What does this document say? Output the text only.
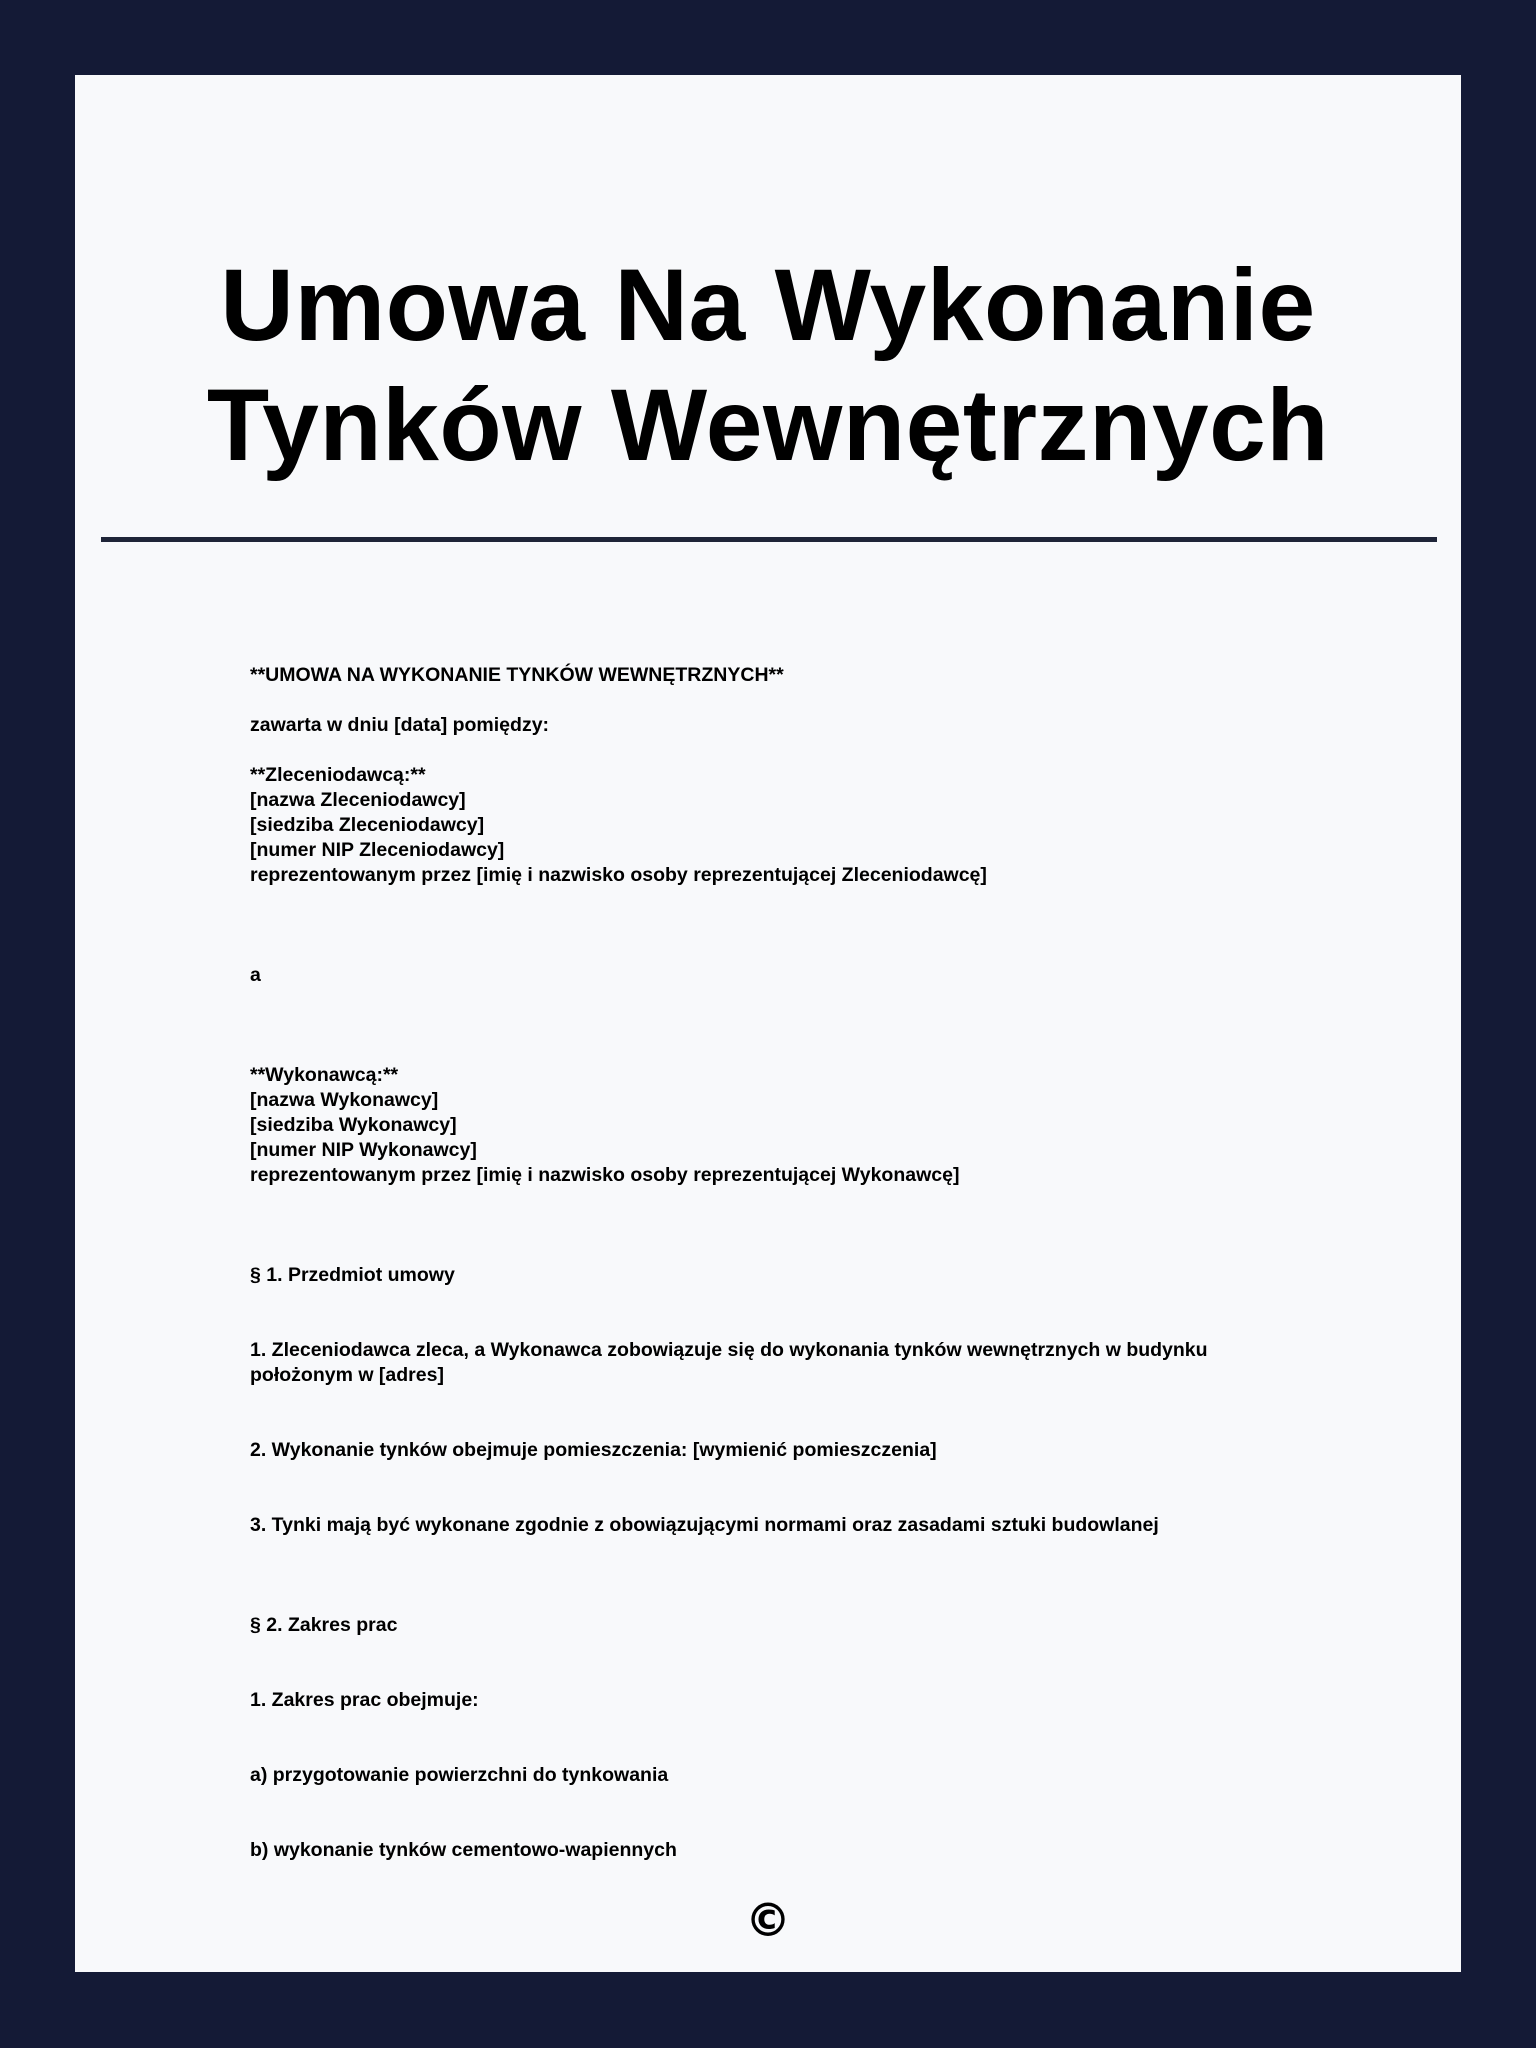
Umowa Na Wykonanie
Tynków Wewnętrznych

**UMOWA NA WYKONANIE TYNKÓW WEWNĘTRZNYCH**

zawarta w dniu [data] pomiędzy:

**Zleceniodawcą:**

[nazwa Zleceniodawcy]

[siedziba Zleceniodawcy]

[numer NIP Zleceniodawcy]

reprezentowanym przez [imię i nazwisko osoby reprezentującej Zleceniodawcę]

a

**Wykonawcą:**

[nazwa Wykonawcy]

[siedziba Wykonawcy]

[numer NIP Wykonawcy]

reprezentowanym przez [imię i nazwisko osoby reprezentującej Wykonawcę]

§ 1. Przedmiot umowy

1. Zleceniodawca zleca, a Wykonawca zobowiązuje się do wykonania tynków wewnętrznych w budynku

położonym w [adres]

2. Wykonanie tynków obejmuje pomieszczenia: [wymienić pomieszczenia]

3. Tynki mają być wykonane zgodnie z obowiązującymi normami oraz zasadami sztuki budowlanej

§ 2. Zakres prac

1. Zakres prac obejmuje:

a) przygotowanie powierzchni do tynkowania

b) wykonanie tynków cementowo-wapiennych

©
